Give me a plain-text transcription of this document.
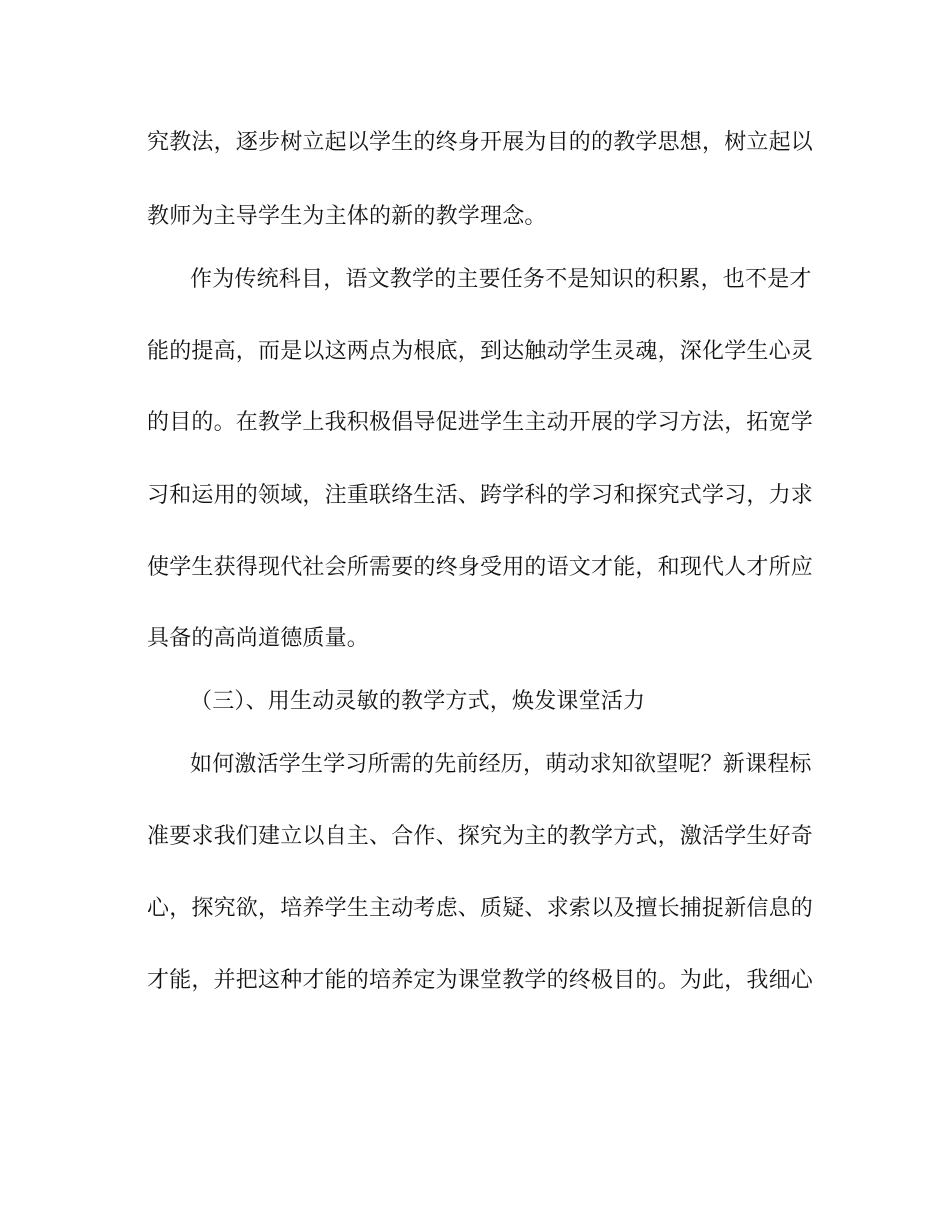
究教法，逐步树立起以学生的终身开展为目的的教学思想，树立起以
教师为主导学生为主体的新的教学理念。
作为传统科目，语文教学的主要任务不是知识的积累，也不是才
能的提高，而是以这两点为根底，到达触动学生灵魂，深化学生心灵
的目的。在教学上我积极倡导促进学生主动开展的学习方法，拓宽学
习和运用的领域，注重联络生活、跨学科的学习和探究式学习，力求
使学生获得现代社会所需要的终身受用的语文才能，和现代人才所应
具备的高尚道德质量。
（三）、用生动灵敏的教学方式，焕发课堂活力
如何激活学生学习所需的先前经历，萌动求知欲望呢？新课程标
准要求我们建立以自主、合作、探究为主的教学方式，激活学生好奇
心，探究欲，培养学生主动考虑、质疑、求索以及擅长捕捉新信息的
才能，并把这种才能的培养定为课堂教学的终极目的。为此，我细心
